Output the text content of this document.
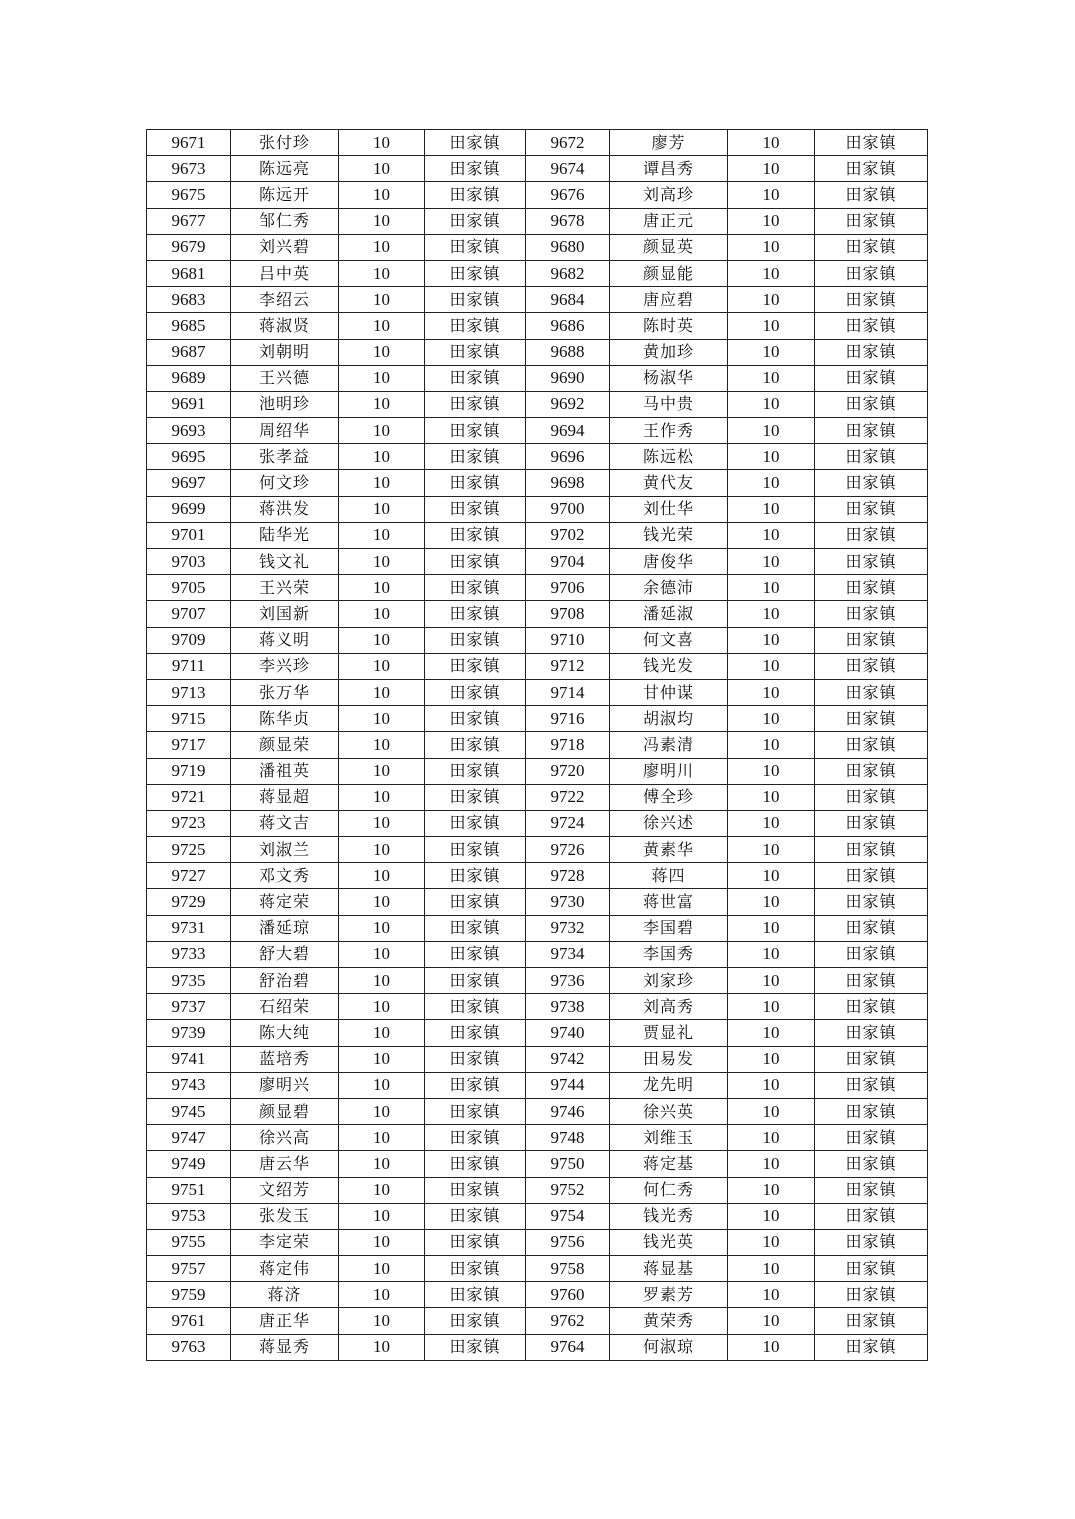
9671	张付珍	10	田家镇	9672	廖芳	10	田家镇
9673	陈远亮	10	田家镇	9674	谭昌秀	10	田家镇
9675	陈远开	10	田家镇	9676	刘高珍	10	田家镇
9677	邹仁秀	10	田家镇	9678	唐正元	10	田家镇
9679	刘兴碧	10	田家镇	9680	颜显英	10	田家镇
9681	吕中英	10	田家镇	9682	颜显能	10	田家镇
9683	李绍云	10	田家镇	9684	唐应碧	10	田家镇
9685	蒋淑贤	10	田家镇	9686	陈时英	10	田家镇
9687	刘朝明	10	田家镇	9688	黄加珍	10	田家镇
9689	王兴德	10	田家镇	9690	杨淑华	10	田家镇
9691	池明珍	10	田家镇	9692	马中贵	10	田家镇
9693	周绍华	10	田家镇	9694	王作秀	10	田家镇
9695	张孝益	10	田家镇	9696	陈远松	10	田家镇
9697	何文珍	10	田家镇	9698	黄代友	10	田家镇
9699	蒋洪发	10	田家镇	9700	刘仕华	10	田家镇
9701	陆华光	10	田家镇	9702	钱光荣	10	田家镇
9703	钱文礼	10	田家镇	9704	唐俊华	10	田家镇
9705	王兴荣	10	田家镇	9706	余德沛	10	田家镇
9707	刘国新	10	田家镇	9708	潘延淑	10	田家镇
9709	蒋义明	10	田家镇	9710	何文喜	10	田家镇
9711	李兴珍	10	田家镇	9712	钱光发	10	田家镇
9713	张万华	10	田家镇	9714	甘仲谋	10	田家镇
9715	陈华贞	10	田家镇	9716	胡淑均	10	田家镇
9717	颜显荣	10	田家镇	9718	冯素清	10	田家镇
9719	潘祖英	10	田家镇	9720	廖明川	10	田家镇
9721	蒋显超	10	田家镇	9722	傅全珍	10	田家镇
9723	蒋文吉	10	田家镇	9724	徐兴述	10	田家镇
9725	刘淑兰	10	田家镇	9726	黄素华	10	田家镇
9727	邓文秀	10	田家镇	9728	蒋四	10	田家镇
9729	蒋定荣	10	田家镇	9730	蒋世富	10	田家镇
9731	潘延琼	10	田家镇	9732	李国碧	10	田家镇
9733	舒大碧	10	田家镇	9734	李国秀	10	田家镇
9735	舒治碧	10	田家镇	9736	刘家珍	10	田家镇
9737	石绍荣	10	田家镇	9738	刘高秀	10	田家镇
9739	陈大纯	10	田家镇	9740	贾显礼	10	田家镇
9741	蓝培秀	10	田家镇	9742	田易发	10	田家镇
9743	廖明兴	10	田家镇	9744	龙先明	10	田家镇
9745	颜显碧	10	田家镇	9746	徐兴英	10	田家镇
9747	徐兴高	10	田家镇	9748	刘维玉	10	田家镇
9749	唐云华	10	田家镇	9750	蒋定基	10	田家镇
9751	文绍芳	10	田家镇	9752	何仁秀	10	田家镇
9753	张发玉	10	田家镇	9754	钱光秀	10	田家镇
9755	李定荣	10	田家镇	9756	钱光英	10	田家镇
9757	蒋定伟	10	田家镇	9758	蒋显基	10	田家镇
9759	蒋济	10	田家镇	9760	罗素芳	10	田家镇
9761	唐正华	10	田家镇	9762	黄荣秀	10	田家镇
9763	蒋显秀	10	田家镇	9764	何淑琼	10	田家镇
